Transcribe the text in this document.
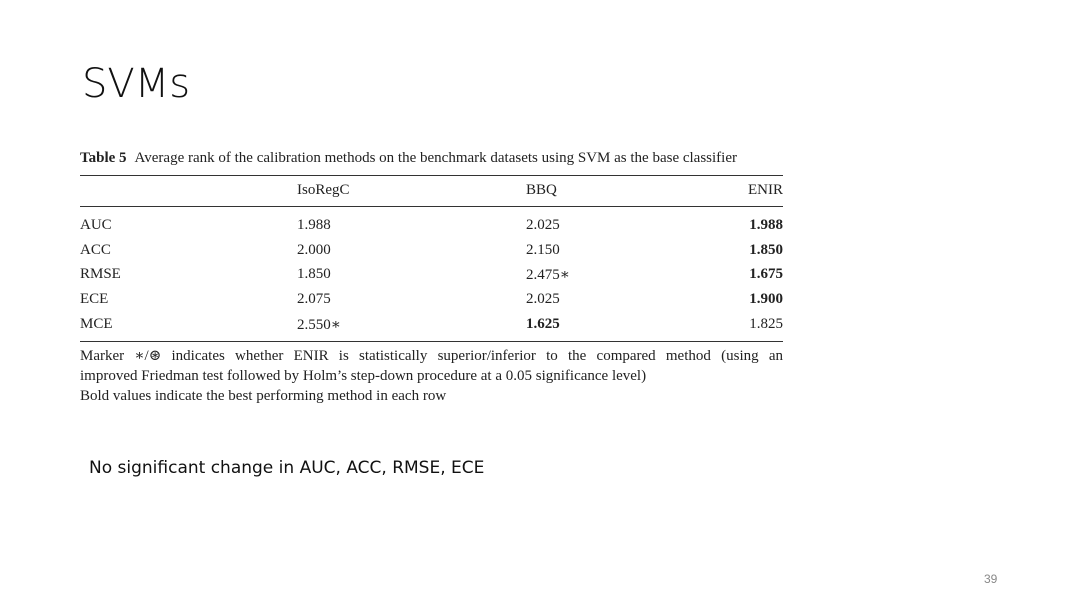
SVMs
Table 5 Average rank of the calibration methods on the benchmark datasets using SVM as the base classifier
	IsoRegC	BBQ	ENIR
AUC	1.988	2.025	1.988
ACC	2.000	2.150	1.850
RMSE	1.850	2.475∗	1.675
ECE	2.075	2.025	1.900
MCE	2.550∗	1.625	1.825
Marker ∗/⊛ indicates whether ENIR is statistically superior/inferior to the compared method (using an
improved Friedman test followed by Holm’s step-down procedure at a 0.05 significance level)
Bold values indicate the best performing method in each row
No significant change in AUC, ACC, RMSE, ECE
39
